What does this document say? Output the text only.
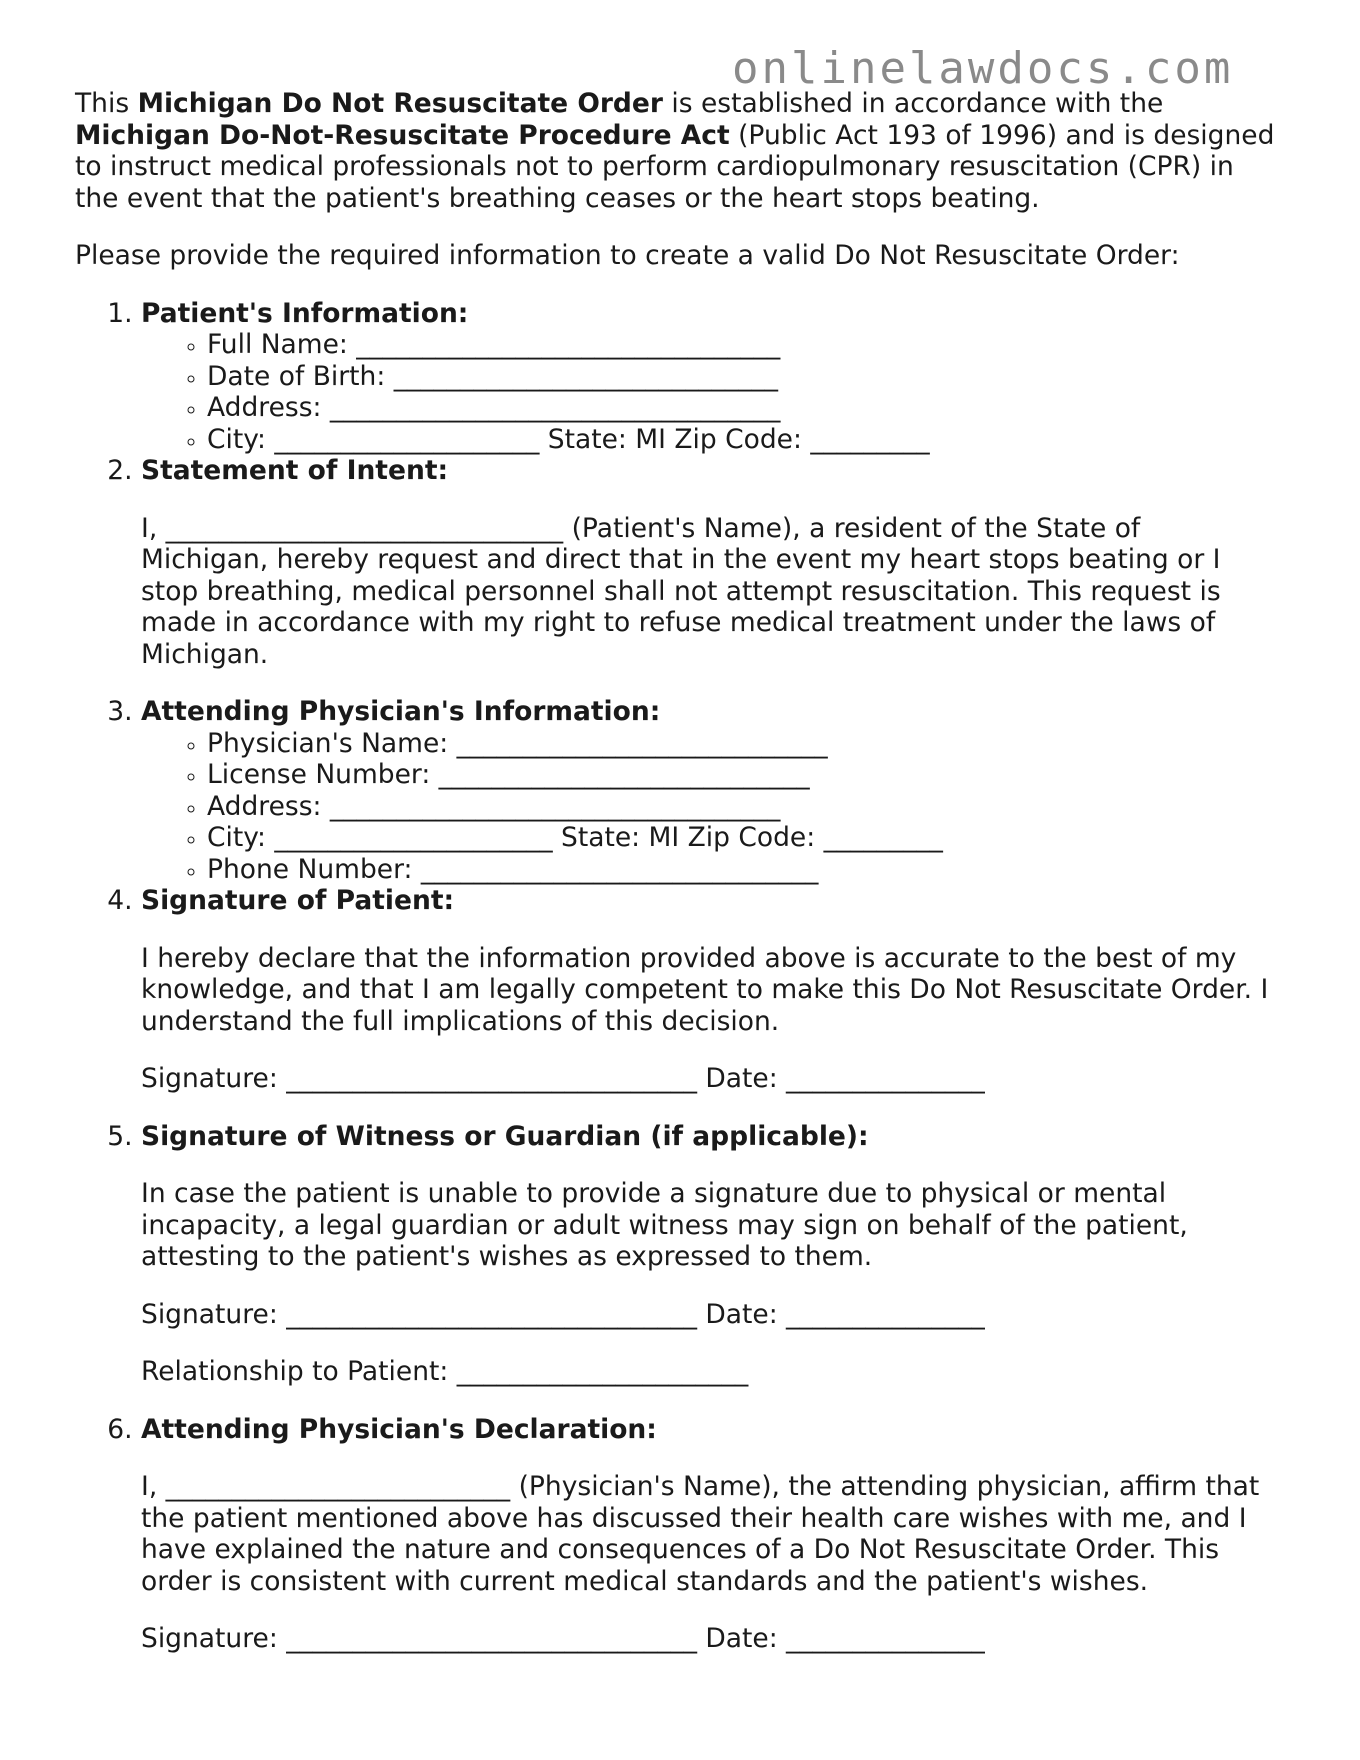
onlinelawdocs.com

This Michigan Do Not Resuscitate Order is established in accordance with the Michigan Do-Not-Resuscitate Procedure Act (Public Act 193 of 1996) and is designed to instruct medical professionals not to perform cardiopulmonary resuscitation (CPR) in the event that the patient's breathing ceases or the heart stops beating.

Please provide the required information to create a valid Do Not Resuscitate Order:

1. Patient's Information:
◦ Full Name: ________________________________
◦ Date of Birth: _____________________________
◦ Address: __________________________________
◦ City: ____________________ State: MI Zip Code: _________
2. Statement of Intent:

I, ______________________________ (Patient's Name), a resident of the State of Michigan, hereby request and direct that in the event my heart stops beating or I stop breathing, medical personnel shall not attempt resuscitation. This request is made in accordance with my right to refuse medical treatment under the laws of Michigan.

3. Attending Physician's Information:
◦ Physician's Name: ____________________________
◦ License Number: ____________________________
◦ Address: __________________________________
◦ City: _____________________ State: MI Zip Code: _________
◦ Phone Number: ______________________________
4. Signature of Patient:

I hereby declare that the information provided above is accurate to the best of my knowledge, and that I am legally competent to make this Do Not Resuscitate Order. I understand the full implications of this decision.

Signature: _______________________________ Date: _______________

5. Signature of Witness or Guardian (if applicable):

In case the patient is unable to provide a signature due to physical or mental incapacity, a legal guardian or adult witness may sign on behalf of the patient, attesting to the patient's wishes as expressed to them.

Signature: _______________________________ Date: _______________

Relationship to Patient: ______________________

6. Attending Physician's Declaration:

I, __________________________ (Physician's Name), the attending physician, affirm that the patient mentioned above has discussed their health care wishes with me, and I have explained the nature and consequences of a Do Not Resuscitate Order. This order is consistent with current medical standards and the patient's wishes.

Signature: _______________________________ Date: _______________
